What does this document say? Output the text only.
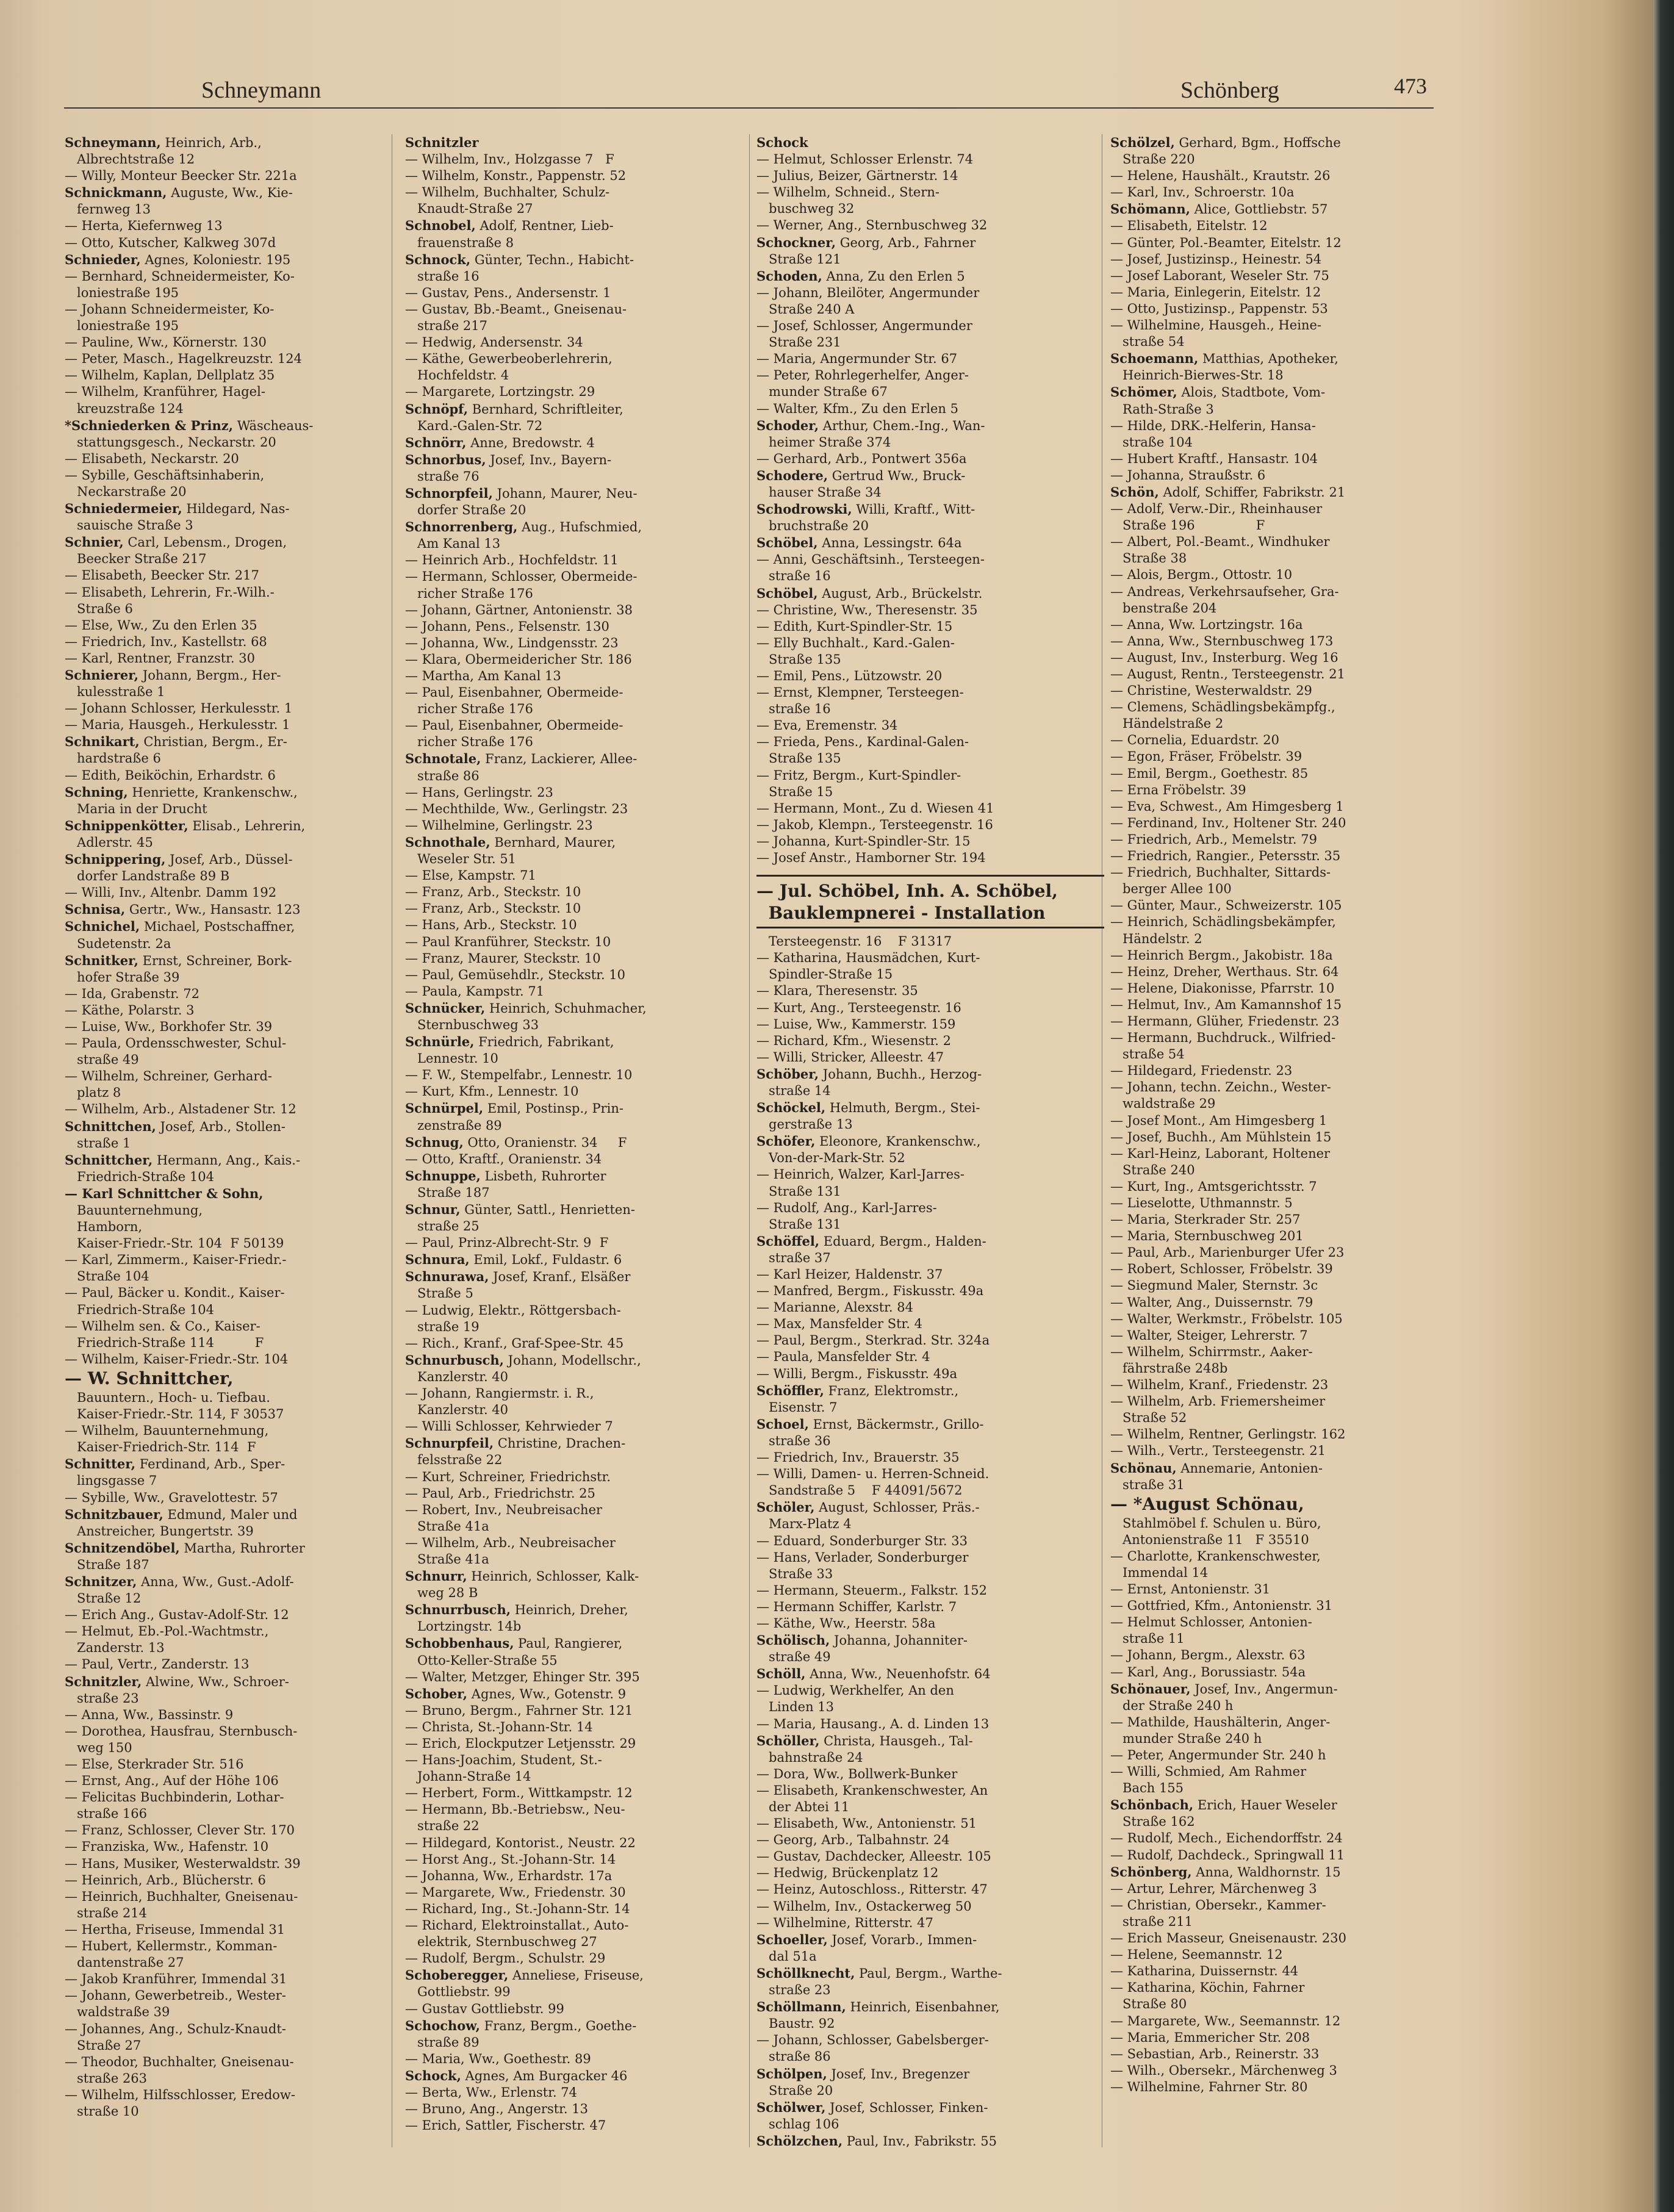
Schneymann	Schönberg	473
Schneymann, Heinrich, Arb.,
Albrechtstraße 12
— Willy, Monteur Beecker Str. 221a
Schnickmann, Auguste, Ww., Kie-
fernweg 13
— Herta, Kiefernweg 13
— Otto, Kutscher, Kalkweg 307d
Schnieder, Agnes, Koloniestr. 195
— Bernhard, Schneidermeister, Ko-
loniestraße 195
— Johann Schneidermeister, Ko-
loniestraße 195
— Pauline, Ww., Körnerstr. 130
— Peter, Masch., Hagelkreuzstr. 124
— Wilhelm, Kaplan, Dellplatz 35
— Wilhelm, Kranführer, Hagel-
kreuzstraße 124
*Schniederken & Prinz, Wäscheaus-
stattungsgesch., Neckarstr. 20
— Elisabeth, Neckarstr. 20
— Sybille, Geschäftsinhaberin,
Neckarstraße 20
Schniedermeier, Hildegard, Nas-
sauische Straße 3
Schnier, Carl, Lebensm., Drogen,
Beecker Straße 217
— Elisabeth, Beecker Str. 217
— Elisabeth, Lehrerin, Fr.-Wilh.-
Straße 6
— Else, Ww., Zu den Erlen 35
— Friedrich, Inv., Kastellstr. 68
— Karl, Rentner, Franzstr. 30
Schnierer, Johann, Bergm., Her-
kulesstraße 1
— Johann Schlosser, Herkulesstr. 1
— Maria, Hausgeh., Herkulesstr. 1
Schnikart, Christian, Bergm., Er-
hardstraße 6
— Edith, Beiköchin, Erhardstr. 6
Schning, Henriette, Krankenschw.,
Maria in der Drucht
Schnippenkötter, Elisab., Lehrerin,
Adlerstr. 45
Schnippering, Josef, Arb., Düssel-
dorfer Landstraße 89 B
— Willi, Inv., Altenbr. Damm 192
Schnisa, Gertr., Ww., Hansastr. 123
Schnichel, Michael, Postschaffner,
Sudetenstr. 2a
Schnitker, Ernst, Schreiner, Bork-
hofer Straße 39
— Ida, Grabenstr. 72
— Käthe, Polarstr. 3
— Luise, Ww., Borkhofer Str. 39
— Paula, Ordensschwester, Schul-
straße 49
— Wilhelm, Schreiner, Gerhard-
platz 8
— Wilhelm, Arb., Alstadener Str. 12
Schnittchen, Josef, Arb., Stollen-
straße 1
Schnittcher, Hermann, Ang., Kais.-
Friedrich-Straße 104
— Karl Schnittcher & Sohn,
Bauunternehmung,
Hamborn,
Kaiser-Friedr.-Str. 104  F 50139
— Karl, Zimmerm., Kaiser-Friedr.-
Straße 104
— Paul, Bäcker u. Kondit., Kaiser-
Friedrich-Straße 104
— Wilhelm sen. & Co., Kaiser-
Friedrich-Straße 114          F
— Wilhelm, Kaiser-Friedr.-Str. 104
— W. Schnittcher,
Bauuntern., Hoch- u. Tiefbau.
Kaiser-Friedr.-Str. 114, F 30537
— Wilhelm, Bauunternehmung,
Kaiser-Friedrich-Str. 114  F
Schnitter, Ferdinand, Arb., Sper-
lingsgasse 7
— Sybille, Ww., Gravelottestr. 57
Schnitzbauer, Edmund, Maler und
Anstreicher, Bungertstr. 39
Schnitzendöbel, Martha, Ruhrorter
Straße 187
Schnitzer, Anna, Ww., Gust.-Adolf-
Straße 12
— Erich Ang., Gustav-Adolf-Str. 12
— Helmut, Eb.-Pol.-Wachtmstr.,
Zanderstr. 13
— Paul, Vertr., Zanderstr. 13
Schnitzler, Alwine, Ww., Schroer-
straße 23
— Anna, Ww., Bassinstr. 9
— Dorothea, Hausfrau, Sternbusch-
weg 150
— Else, Sterkrader Str. 516
— Ernst, Ang., Auf der Höhe 106
— Felicitas Buchbinderin, Lothar-
straße 166
— Franz, Schlosser, Clever Str. 170
— Franziska, Ww., Hafenstr. 10
— Hans, Musiker, Westerwaldstr. 39
— Heinrich, Arb., Blücherstr. 6
— Heinrich, Buchhalter, Gneisenau-
straße 214
— Hertha, Friseuse, Immendal 31
— Hubert, Kellermstr., Komman-
dantenstraße 27
— Jakob Kranführer, Immendal 31
— Johann, Gewerbetreib., Wester-
waldstraße 39
— Johannes, Ang., Schulz-Knaudt-
Straße 27
— Theodor, Buchhalter, Gneisenau-
straße 263
— Wilhelm, Hilfsschlosser, Eredow-
straße 10
Schnitzler
— Wilhelm, Inv., Holzgasse 7   F
— Wilhelm, Konstr., Pappenstr. 52
— Wilhelm, Buchhalter, Schulz-
Knaudt-Straße 27
Schnobel, Adolf, Rentner, Lieb-
frauenstraße 8
Schnock, Günter, Techn., Habicht-
straße 16
— Gustav, Pens., Andersenstr. 1
— Gustav, Bb.-Beamt., Gneisenau-
straße 217
— Hedwig, Andersenstr. 34
— Käthe, Gewerbeoberlehrerin,
Hochfeldstr. 4
— Margarete, Lortzingstr. 29
Schnöpf, Bernhard, Schriftleiter,
Kard.-Galen-Str. 72
Schnörr, Anne, Bredowstr. 4
Schnorbus, Josef, Inv., Bayern-
straße 76
Schnorpfeil, Johann, Maurer, Neu-
dorfer Straße 20
Schnorrenberg, Aug., Hufschmied,
Am Kanal 13
— Heinrich Arb., Hochfeldstr. 11
— Hermann, Schlosser, Obermeide-
richer Straße 176
— Johann, Gärtner, Antonienstr. 38
— Johann, Pens., Felsenstr. 130
— Johanna, Ww., Lindgensstr. 23
— Klara, Obermeidericher Str. 186
— Martha, Am Kanal 13
— Paul, Eisenbahner, Obermeide-
richer Straße 176
— Paul, Eisenbahner, Obermeide-
richer Straße 176
Schnotale, Franz, Lackierer, Allee-
straße 86
— Hans, Gerlingstr. 23
— Mechthilde, Ww., Gerlingstr. 23
— Wilhelmine, Gerlingstr. 23
Schnothale, Bernhard, Maurer,
Weseler Str. 51
— Else, Kampstr. 71
— Franz, Arb., Steckstr. 10
— Franz, Arb., Steckstr. 10
— Hans, Arb., Steckstr. 10
— Paul Kranführer, Steckstr. 10
— Franz, Maurer, Steckstr. 10
— Paul, Gemüsehdlr., Steckstr. 10
— Paula, Kampstr. 71
Schnücker, Heinrich, Schuhmacher,
Sternbuschweg 33
Schnürle, Friedrich, Fabrikant,
Lennestr. 10
— F. W., Stempelfabr., Lennestr. 10
— Kurt, Kfm., Lennestr. 10
Schnürpel, Emil, Postinsp., Prin-
zenstraße 89
Schnug, Otto, Oranienstr. 34     F
— Otto, Kraftf., Oranienstr. 34
Schnuppe, Lisbeth, Ruhrorter
Straße 187
Schnur, Günter, Sattl., Henrietten-
straße 25
— Paul, Prinz-Albrecht-Str. 9  F
Schnura, Emil, Lokf., Fuldastr. 6
Schnurawa, Josef, Kranf., Elsäßer
Straße 5
— Ludwig, Elektr., Röttgersbach-
straße 19
— Rich., Kranf., Graf-Spee-Str. 45
Schnurbusch, Johann, Modellschr.,
Kanzlerstr. 40
— Johann, Rangiermstr. i. R.,
Kanzlerstr. 40
— Willi Schlosser, Kehrwieder 7
Schnurpfeil, Christine, Drachen-
felsstraße 22
— Kurt, Schreiner, Friedrichstr.
— Paul, Arb., Friedrichstr. 25
— Robert, Inv., Neubreisacher
Straße 41a
— Wilhelm, Arb., Neubreisacher
Straße 41a
Schnurr, Heinrich, Schlosser, Kalk-
weg 28 B
Schnurrbusch, Heinrich, Dreher,
Lortzingstr. 14b
Schobbenhaus, Paul, Rangierer,
Otto-Keller-Straße 55
— Walter, Metzger, Ehinger Str. 395
Schober, Agnes, Ww., Gotenstr. 9
— Bruno, Bergm., Fahrner Str. 121
— Christa, St.-Johann-Str. 14
— Erich, Elockputzer Letjensstr. 29
— Hans-Joachim, Student, St.-
Johann-Straße 14
— Herbert, Form., Wittkampstr. 12
— Hermann, Bb.-Betriebsw., Neu-
straße 22
— Hildegard, Kontorist., Neustr. 22
— Horst Ang., St.-Johann-Str. 14
— Johanna, Ww., Erhardstr. 17a
— Margarete, Ww., Friedenstr. 30
— Richard, Ing., St.-Johann-Str. 14
— Richard, Elektroinstallat., Auto-
elektrik, Sternbuschweg 27
— Rudolf, Bergm., Schulstr. 29
Schoberegger, Anneliese, Friseuse,
Gottliebstr. 99
— Gustav Gottliebstr. 99
Schochow, Franz, Bergm., Goethe-
straße 89
— Maria, Ww., Goethestr. 89
Schock, Agnes, Am Burgacker 46
— Berta, Ww., Erlenstr. 74
— Bruno, Ang., Angerstr. 13
— Erich, Sattler, Fischerstr. 47
Schock
— Helmut, Schlosser Erlenstr. 74
— Julius, Beizer, Gärtnerstr. 14
— Wilhelm, Schneid., Stern-
buschweg 32
— Werner, Ang., Sternbuschweg 32
Schockner, Georg, Arb., Fahrner
Straße 121
Schoden, Anna, Zu den Erlen 5
— Johann, Bleilöter, Angermunder
Straße 240 A
— Josef, Schlosser, Angermunder
Straße 231
— Maria, Angermunder Str. 67
— Peter, Rohrlegerhelfer, Anger-
munder Straße 67
— Walter, Kfm., Zu den Erlen 5
Schoder, Arthur, Chem.-Ing., Wan-
heimer Straße 374
— Gerhard, Arb., Pontwert 356a
Schodere, Gertrud Ww., Bruck-
hauser Straße 34
Schodrowski, Willi, Kraftf., Witt-
bruchstraße 20
Schöbel, Anna, Lessingstr. 64a
— Anni, Geschäftsinh., Tersteegen-
straße 16
Schöbel, August, Arb., Brückelstr.
— Christine, Ww., Theresenstr. 35
— Edith, Kurt-Spindler-Str. 15
— Elly Buchhalt., Kard.-Galen-
Straße 135
— Emil, Pens., Lützowstr. 20
— Ernst, Klempner, Tersteegen-
straße 16
— Eva, Eremenstr. 34
— Frieda, Pens., Kardinal-Galen-
Straße 135
— Fritz, Bergm., Kurt-Spindler-
Straße 15
— Hermann, Mont., Zu d. Wiesen 41
— Jakob, Klempn., Tersteegenstr. 16
— Johanna, Kurt-Spindler-Str. 15
— Josef Anstr., Hamborner Str. 194
— Jul. Schöbel, Inh. A. Schöbel,
Bauklempnerei - Installation
Tersteegenstr. 16    F 31317
— Katharina, Hausmädchen, Kurt-
Spindler-Straße 15
— Klara, Theresenstr. 35
— Kurt, Ang., Tersteegenstr. 16
— Luise, Ww., Kammerstr. 159
— Richard, Kfm., Wiesenstr. 2
— Willi, Stricker, Alleestr. 47
Schöber, Johann, Buchh., Herzog-
straße 14
Schöckel, Helmuth, Bergm., Stei-
gerstraße 13
Schöfer, Eleonore, Krankenschw.,
Von-der-Mark-Str. 52
— Heinrich, Walzer, Karl-Jarres-
Straße 131
— Rudolf, Ang., Karl-Jarres-
Straße 131
Schöffel, Eduard, Bergm., Halden-
straße 37
— Karl Heizer, Haldenstr. 37
— Manfred, Bergm., Fiskusstr. 49a
— Marianne, Alexstr. 84
— Max, Mansfelder Str. 4
— Paul, Bergm., Sterkrad. Str. 324a
— Paula, Mansfelder Str. 4
— Willi, Bergm., Fiskusstr. 49a
Schöffler, Franz, Elektromstr.,
Eisenstr. 7
Schoel, Ernst, Bäckermstr., Grillo-
straße 36
— Friedrich, Inv., Brauerstr. 35
— Willi, Damen- u. Herren-Schneid.
Sandstraße 5    F 44091/5672
Schöler, August, Schlosser, Präs.-
Marx-Platz 4
— Eduard, Sonderburger Str. 33
— Hans, Verlader, Sonderburger
Straße 33
— Hermann, Steuerm., Falkstr. 152
— Hermann Schiffer, Karlstr. 7
— Käthe, Ww., Heerstr. 58a
Schölisch, Johanna, Johanniter-
straße 49
Schöll, Anna, Ww., Neuenhofstr. 64
— Ludwig, Werkhelfer, An den
Linden 13
— Maria, Hausang., A. d. Linden 13
Schöller, Christa, Hausgeh., Tal-
bahnstraße 24
— Dora, Ww., Bollwerk-Bunker
— Elisabeth, Krankenschwester, An
der Abtei 11
— Elisabeth, Ww., Antonienstr. 51
— Georg, Arb., Talbahnstr. 24
— Gustav, Dachdecker, Alleestr. 105
— Hedwig, Brückenplatz 12
— Heinz, Autoschloss., Ritterstr. 47
— Wilhelm, Inv., Ostackerweg 50
— Wilhelmine, Ritterstr. 47
Schoeller, Josef, Vorarb., Immen-
dal 51a
Schöllknecht, Paul, Bergm., Warthe-
straße 23
Schöllmann, Heinrich, Eisenbahner,
Baustr. 92
— Johann, Schlosser, Gabelsberger-
straße 86
Schölpen, Josef, Inv., Bregenzer
Straße 20
Schölwer, Josef, Schlosser, Finken-
schlag 106
Schölzchen, Paul, Inv., Fabrikstr. 55
Schölzel, Gerhard, Bgm., Hoffsche
Straße 220
— Helene, Haushält., Krautstr. 26
— Karl, Inv., Schroerstr. 10a
Schömann, Alice, Gottliebstr. 57
— Elisabeth, Eitelstr. 12
— Günter, Pol.-Beamter, Eitelstr. 12
— Josef, Justizinsp., Heinestr. 54
— Josef Laborant, Weseler Str. 75
— Maria, Einlegerin, Eitelstr. 12
— Otto, Justizinsp., Pappenstr. 53
— Wilhelmine, Hausgeh., Heine-
straße 54
Schoemann, Matthias, Apotheker,
Heinrich-Bierwes-Str. 18
Schömer, Alois, Stadtbote, Vom-
Rath-Straße 3
— Hilde, DRK.-Helferin, Hansa-
straße 104
— Hubert Kraftf., Hansastr. 104
— Johanna, Straußstr. 6
Schön, Adolf, Schiffer, Fabrikstr. 21
— Adolf, Verw.-Dir., Rheinhauser
Straße 196               F
— Albert, Pol.-Beamt., Windhuker
Straße 38
— Alois, Bergm., Ottostr. 10
— Andreas, Verkehrsaufseher, Gra-
benstraße 204
— Anna, Ww. Lortzingstr. 16a
— Anna, Ww., Sternbuschweg 173
— August, Inv., Insterburg. Weg 16
— August, Rentn., Tersteegenstr. 21
— Christine, Westerwaldstr. 29
— Clemens, Schädlingsbekämpfg.,
Händelstraße 2
— Cornelia, Eduardstr. 20
— Egon, Fräser, Fröbelstr. 39
— Emil, Bergm., Goethestr. 85
— Erna Fröbelstr. 39
— Eva, Schwest., Am Himgesberg 1
— Ferdinand, Inv., Holtener Str. 240
— Friedrich, Arb., Memelstr. 79
— Friedrich, Rangier., Petersstr. 35
— Friedrich, Buchhalter, Sittards-
berger Allee 100
— Günter, Maur., Schweizerstr. 105
— Heinrich, Schädlingsbekämpfer,
Händelstr. 2
— Heinrich Bergm., Jakobistr. 18a
— Heinz, Dreher, Werthaus. Str. 64
— Helene, Diakonisse, Pfarrstr. 10
— Helmut, Inv., Am Kamannshof 15
— Hermann, Glüher, Friedenstr. 23
— Hermann, Buchdruck., Wilfried-
straße 54
— Hildegard, Friedenstr. 23
— Johann, techn. Zeichn., Wester-
waldstraße 29
— Josef Mont., Am Himgesberg 1
— Josef, Buchh., Am Mühlstein 15
— Karl-Heinz, Laborant, Holtener
Straße 240
— Kurt, Ing., Amtsgerichtsstr. 7
— Lieselotte, Uthmannstr. 5
— Maria, Sterkrader Str. 257
— Maria, Sternbuschweg 201
— Paul, Arb., Marienburger Ufer 23
— Robert, Schlosser, Fröbelstr. 39
— Siegmund Maler, Sternstr. 3c
— Walter, Ang., Duissernstr. 79
— Walter, Werkmstr., Fröbelstr. 105
— Walter, Steiger, Lehrerstr. 7
— Wilhelm, Schirrmstr., Aaker-
fährstraße 248b
— Wilhelm, Kranf., Friedenstr. 23
— Wilhelm, Arb. Friemersheimer
Straße 52
— Wilhelm, Rentner, Gerlingstr. 162
— Wilh., Vertr., Tersteegenstr. 21
Schönau, Annemarie, Antonien-
straße 31
— *August Schönau,
Stahlmöbel f. Schulen u. Büro,
Antonienstraße 11   F 35510
— Charlotte, Krankenschwester,
Immendal 14
— Ernst, Antonienstr. 31
— Gottfried, Kfm., Antonienstr. 31
— Helmut Schlosser, Antonien-
straße 11
— Johann, Bergm., Alexstr. 63
— Karl, Ang., Borussiastr. 54a
Schönauer, Josef, Inv., Angermun-
der Straße 240 h
— Mathilde, Haushälterin, Anger-
munder Straße 240 h
— Peter, Angermunder Str. 240 h
— Willi, Schmied, Am Rahmer
Bach 155
Schönbach, Erich, Hauer Weseler
Straße 162
— Rudolf, Mech., Eichendorffstr. 24
— Rudolf, Dachdeck., Springwall 11
Schönberg, Anna, Waldhornstr. 15
— Artur, Lehrer, Märchenweg 3
— Christian, Obersekr., Kammer-
straße 211
— Erich Masseur, Gneisenaustr. 230
— Helene, Seemannstr. 12
— Katharina, Duissernstr. 44
— Katharina, Köchin, Fahrner
Straße 80
— Margarete, Ww., Seemannstr. 12
— Maria, Emmericher Str. 208
— Sebastian, Arb., Reinerstr. 33
— Wilh., Obersekr., Märchenweg 3
— Wilhelmine, Fahrner Str. 80
